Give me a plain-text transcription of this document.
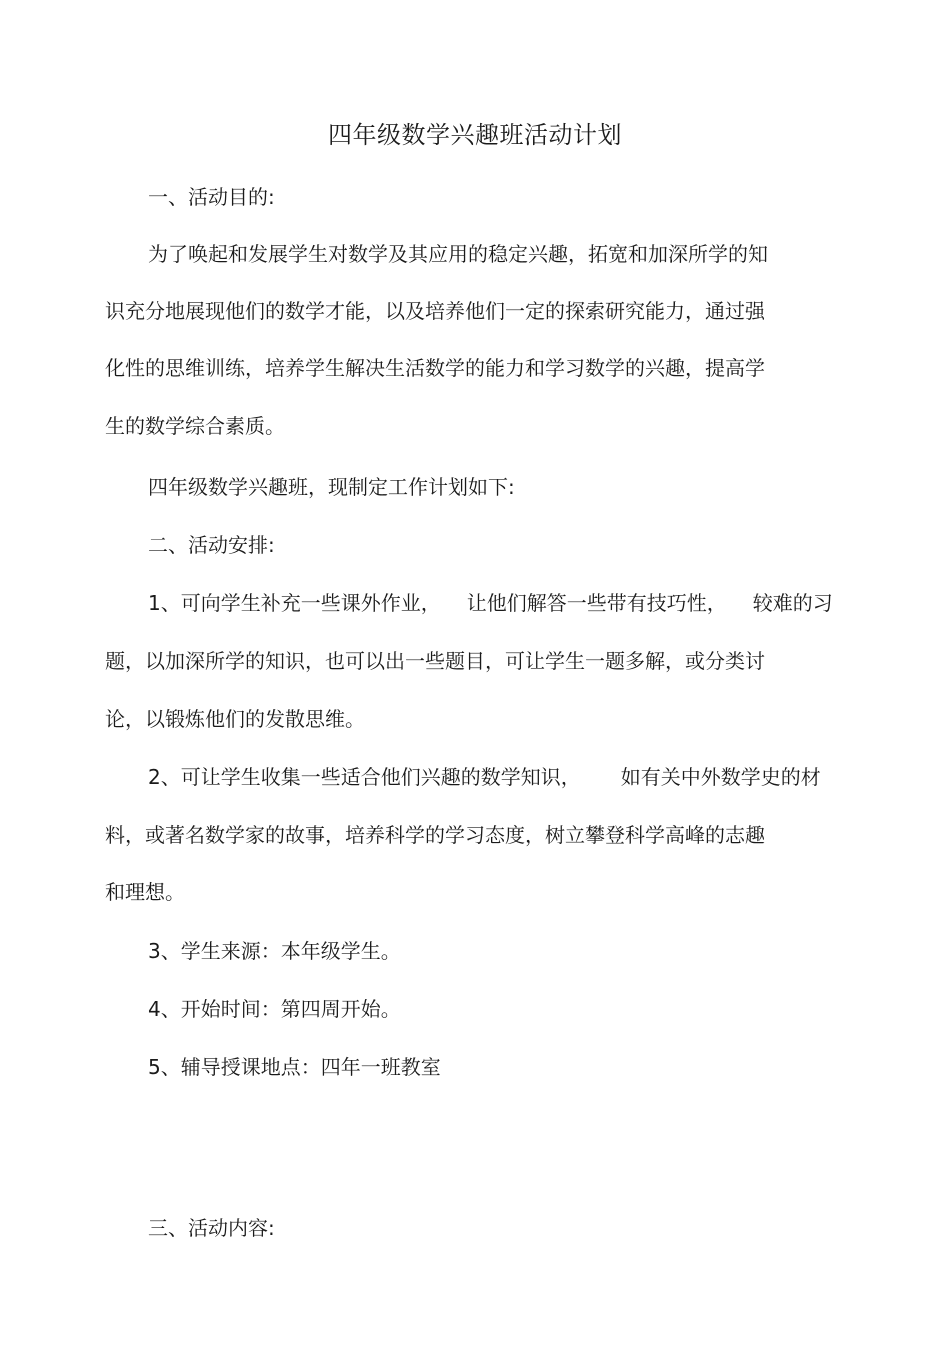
四年级数学兴趣班活动计划
一、活动目的:
为了唤起和发展学生对数学及其应用的稳定兴趣，拓宽和加深所学的知
识充分地展现他们的数学才能，以及培养他们一定的探索研究能力，通过强
化性的思维训练，培养学生解决生活数学的能力和学习数学的兴趣，提高学
生的数学综合素质。
四年级数学兴趣班，现制定工作计划如下:
二、活动安排:
1、可向学生补充一些课外作业， 让他们解答一些带有技巧性， 较难的习
题，以加深所学的知识，也可以出一些题目，可让学生一题多解，或分类讨
论，以锻炼他们的发散思维。
2、可让学生收集一些适合他们兴趣的数学知识， 如有关中外数学史的材
料，或著名数学家的故事，培养科学的学习态度，树立攀登科学高峰的志趣
和理想。
3、学生来源：本年级学生。
4、开始时间：第四周开始。
5、辅导授课地点：四年一班教室
三、活动内容:
